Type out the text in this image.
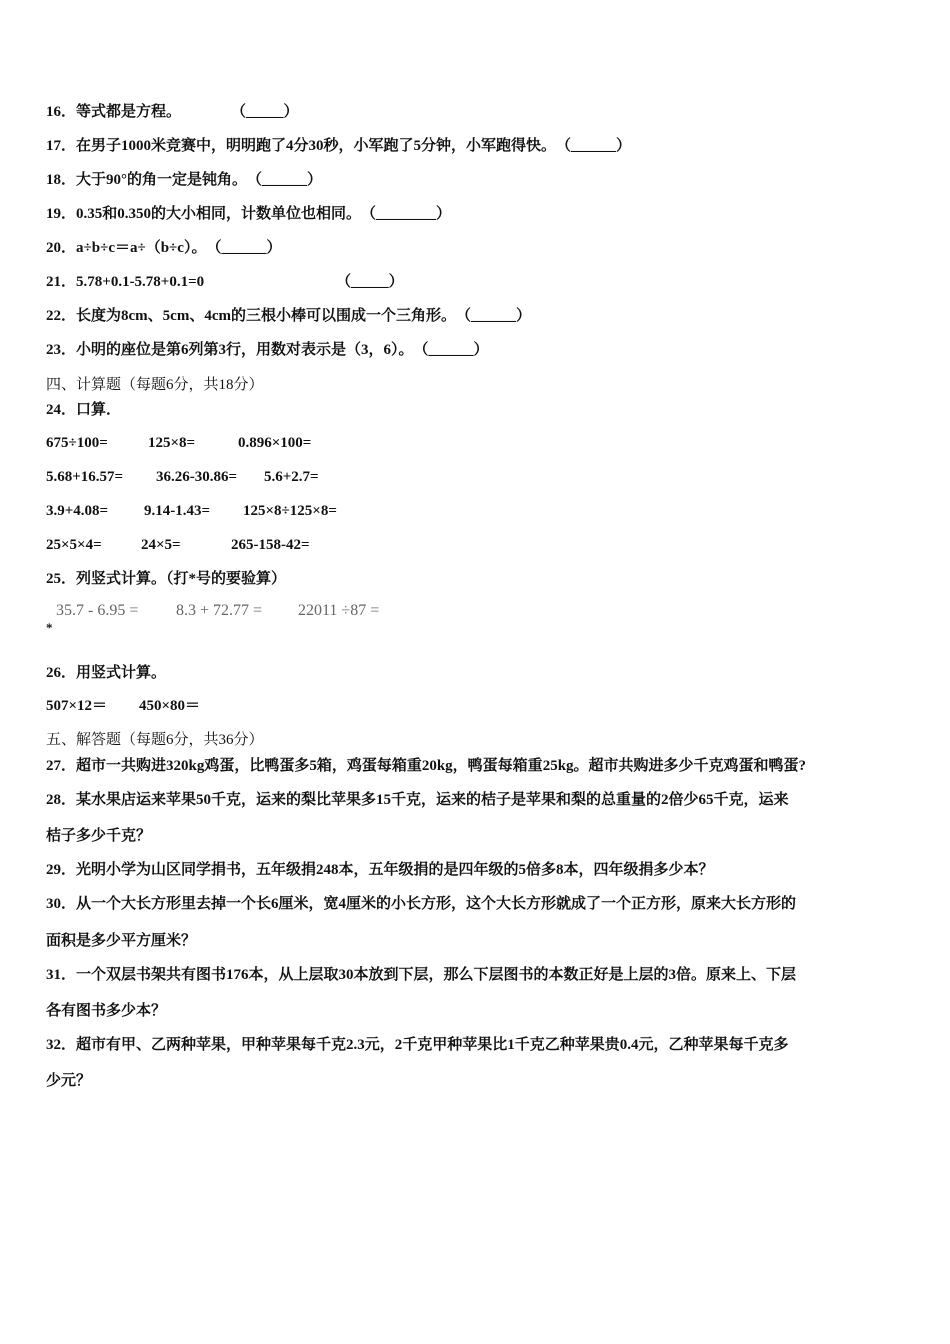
16．等式都是方程。	（_____）
17．在男子1000米竞赛中，明明跑了4分30秒，小军跑了5分钟，小军跑得快。（______）
18．大于90°的角一定是钝角。（______）
19．0.35和0.350的大小相同，计数单位也相同。（________）
20．a÷b÷c＝a÷（b÷c）。（______）
21．5.78+0.1-5.78+0.1=0	（_____）
22．长度为8cm、5cm、4cm的三根小棒可以围成一个三角形。（______）
23．小明的座位是第6列第3行，用数对表示是（3，6）。（______）
四、计算题（每题6分，共18分）
24．口算．
675÷100=	125×8=	0.896×100=
5.68+16.57= 36.26-30.86= 5.6+2.7=
3.9+4.08= 9.14-1.43= 125×8÷125×8=
25×5×4=	24×5=	265-158-42=
25．列竖式计算。（打*号的要验算）
35.7 - 6.95 = 8.3 + 72.77 = 22011 ÷87 =
*
26．用竖式计算。
507×12＝ 450×80＝
五、解答题（每题6分，共36分）
27．超市一共购进320kg鸡蛋，比鸭蛋多5箱，鸡蛋每箱重20kg，鸭蛋每箱重25kg。超市共购进多少千克鸡蛋和鸭蛋?
28．某水果店运来苹果50千克，运来的梨比苹果多15千克，运来的桔子是苹果和梨的总重量的2倍少65千克，运来
桔子多少千克？
29．光明小学为山区同学捐书，五年级捐248本，五年级捐的是四年级的5倍多8本，四年级捐多少本？
30．从一个大长方形里去掉一个长6厘米，宽4厘米的小长方形，这个大长方形就成了一个正方形，原来大长方形的
面积是多少平方厘米？
31．一个双层书架共有图书176本，从上层取30本放到下层，那么下层图书的本数正好是上层的3倍。原来上、下层
各有图书多少本？
32．超市有甲、乙两种苹果，甲种苹果每千克2.3元，2千克甲种苹果比1千克乙种苹果贵0.4元，乙种苹果每千克多
少元？
